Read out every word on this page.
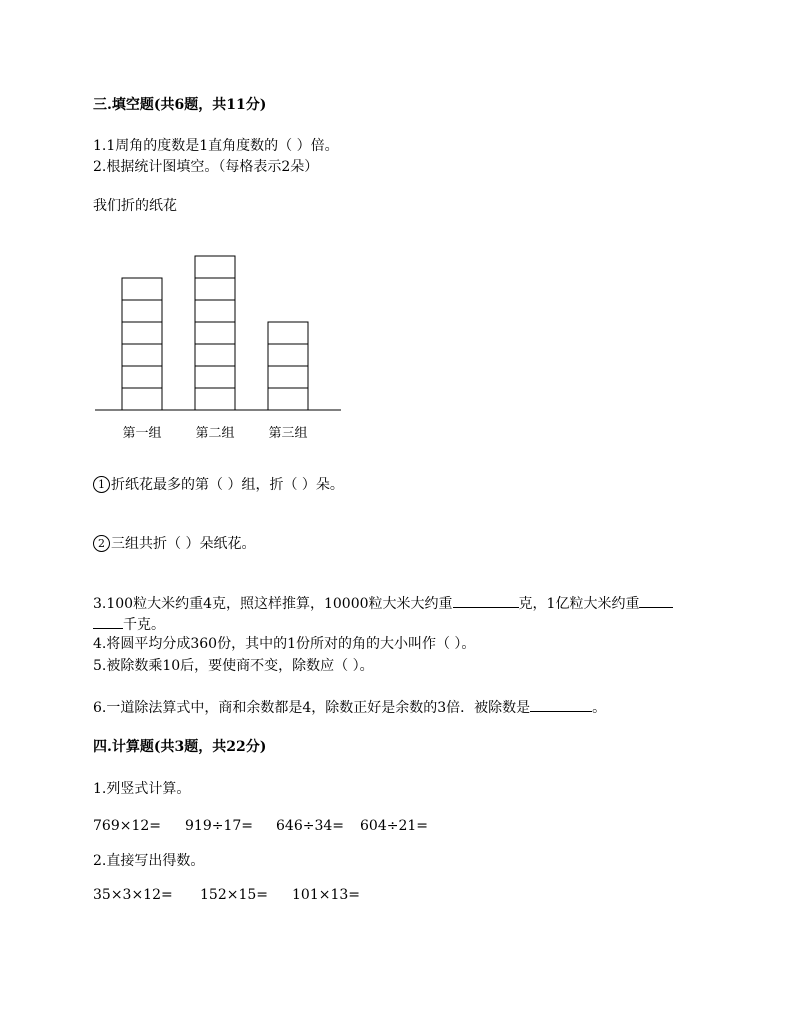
三.填空题(共6题，共11分)
1.1周角的度数是1直角度数的（ ）倍。
2.根据统计图填空。（每格表示2朵）
我们折的纸花
第一组	第二组	第三组
1 折纸花最多的第（ ）组，折（ ）朵。
2 三组共折（ ）朵纸花。
3.100粒大米约重4克，照这样推算，10000粒大米大约重	克，1亿粒大米约重
千克。
4.将圆平均分成360份，其中的1份所对的角的大小叫作（ ）。
5.被除数乘10后，要使商不变，除数应（ ）。
6.一道除法算式中，商和余数都是4，除数正好是余数的3倍．被除数是	。
四.计算题(共3题，共22分)
1.列竖式计算。
769×12= 919÷17= 646÷34= 604÷21=
2.直接写出得数。
35×3×12= 152×15= 101×13=
